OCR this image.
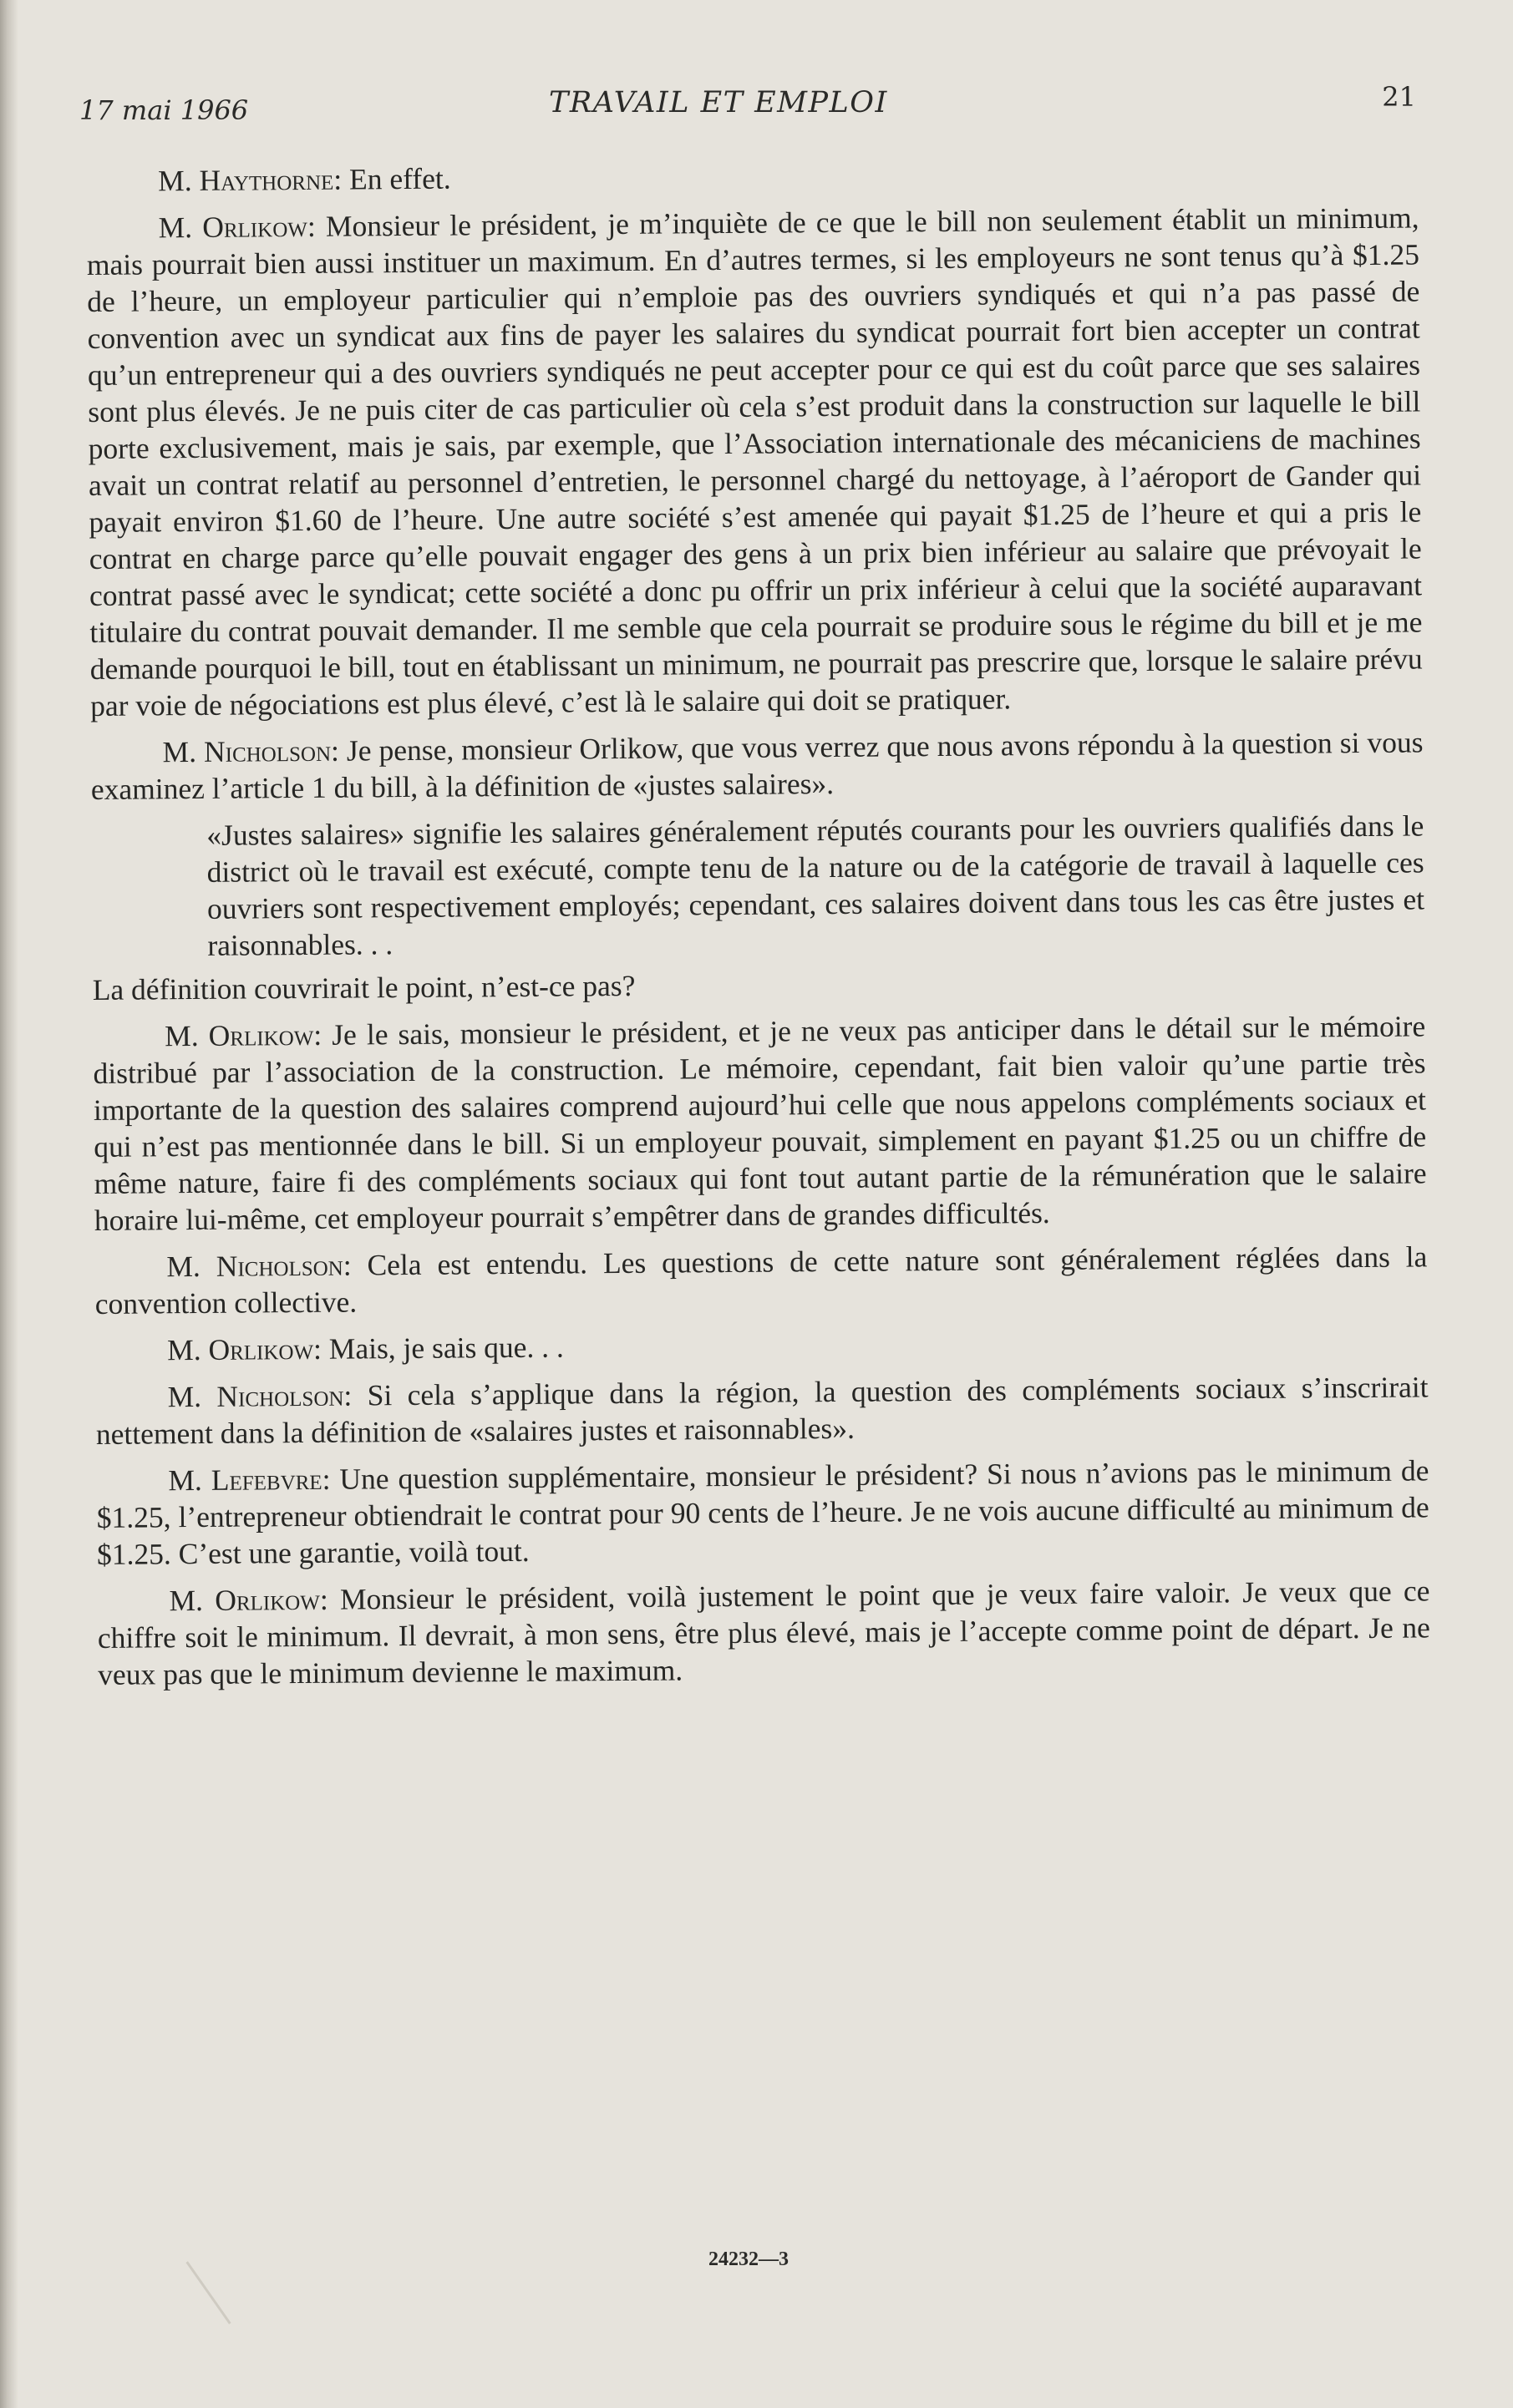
17 mai 1966	TRAVAIL ET EMPLOI	21

M. Haythorne: En effet.

M. Orlikow: Monsieur le président, je m’inquiète de ce que le bill non seulement établit un minimum, mais pourrait bien aussi instituer un maximum. En d’autres termes, si les employeurs ne sont tenus qu’à $1.25 de l’heure, un employeur particulier qui n’emploie pas des ouvriers syndiqués et qui n’a pas passé de convention avec un syndicat aux fins de payer les salaires du syndicat pourrait fort bien accepter un contrat qu’un entrepreneur qui a des ouvriers syndiqués ne peut accepter pour ce qui est du coût parce que ses salaires sont plus élevés. Je ne puis citer de cas particulier où cela s’est produit dans la construction sur laquelle le bill porte exclusivement, mais je sais, par exemple, que l’Association internationale des mécaniciens de machines avait un contrat relatif au personnel d’entretien, le personnel chargé du nettoyage, à l’aéroport de Gander qui payait environ $1.60 de l’heure. Une autre société s’est amenée qui payait $1.25 de l’heure et qui a pris le contrat en charge parce qu’elle pouvait engager des gens à un prix bien inférieur au salaire que prévoyait le contrat passé avec le syndicat; cette société a donc pu offrir un prix inférieur à celui que la société auparavant titulaire du contrat pouvait demander. Il me semble que cela pourrait se produire sous le régime du bill et je me demande pourquoi le bill, tout en établissant un minimum, ne pourrait pas prescrire que, lorsque le salaire prévu par voie de négociations est plus élevé, c’est là le salaire qui doit se pratiquer.

M. Nicholson: Je pense, monsieur Orlikow, que vous verrez que nous avons répondu à la question si vous examinez l’article 1 du bill, à la définition de «justes salaires».

«Justes salaires» signifie les salaires généralement réputés courants pour les ouvriers qualifiés dans le district où le travail est exécuté, compte tenu de la nature ou de la catégorie de travail à laquelle ces ouvriers sont respectivement employés; cependant, ces salaires doivent dans tous les cas être justes et raisonnables. . .

La définition couvrirait le point, n’est-ce pas?

M. Orlikow: Je le sais, monsieur le président, et je ne veux pas anticiper dans le détail sur le mémoire distribué par l’association de la construction. Le mémoire, cependant, fait bien valoir qu’une partie très importante de la question des salaires comprend aujourd’hui celle que nous appelons compléments sociaux et qui n’est pas mentionnée dans le bill. Si un employeur pouvait, simplement en payant $1.25 ou un chiffre de même nature, faire fi des compléments sociaux qui font tout autant partie de la rémunération que le salaire horaire lui-même, cet employeur pourrait s’empêtrer dans de grandes difficultés.

M. Nicholson: Cela est entendu. Les questions de cette nature sont généralement réglées dans la convention collective.

M. Orlikow: Mais, je sais que. . .

M. Nicholson: Si cela s’applique dans la région, la question des compléments sociaux s’inscrirait nettement dans la définition de «salaires justes et raisonnables».

M. Lefebvre: Une question supplémentaire, monsieur le président? Si nous n’avions pas le minimum de $1.25, l’entrepreneur obtiendrait le contrat pour 90 cents de l’heure. Je ne vois aucune difficulté au minimum de $1.25. C’est une garantie, voilà tout.

M. Orlikow: Monsieur le président, voilà justement le point que je veux faire valoir. Je veux que ce chiffre soit le minimum. Il devrait, à mon sens, être plus élevé, mais je l’accepte comme point de départ. Je ne veux pas que le minimum devienne le maximum.

24232—3
